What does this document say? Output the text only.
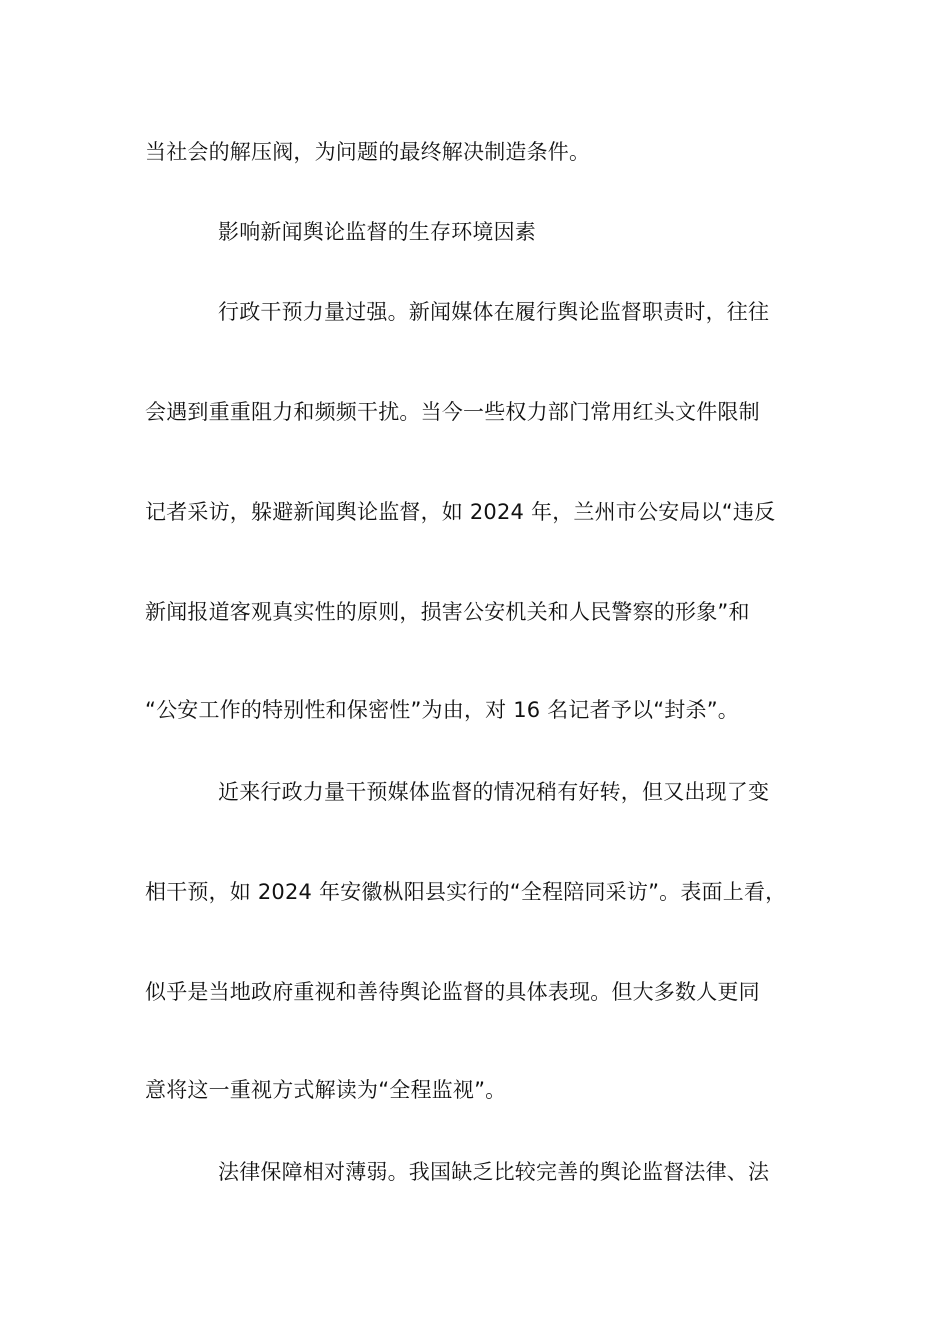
当社会的解压阀，为问题的最终解决制造条件。
影响新闻舆论监督的生存环境因素
行政干预力量过强。新闻媒体在履行舆论监督职责时，往往
会遇到重重阻力和频频干扰。当今一些权力部门常用红头文件限制
记者采访，躲避新闻舆论监督，如 2024 年，兰州市公安局以“违反
新闻报道客观真实性的原则，损害公安机关和人民警察的形象”和
“公安工作的特别性和保密性”为由，对 16 名记者予以“封杀”。
近来行政力量干预媒体监督的情况稍有好转，但又出现了变
相干预，如 2024 年安徽枞阳县实行的“全程陪同采访”。表面上看，
似乎是当地政府重视和善待舆论监督的具体表现。但大多数人更同
意将这一重视方式解读为“全程监视”。
法律保障相对薄弱。我国缺乏比较完善的舆论监督法律、法
